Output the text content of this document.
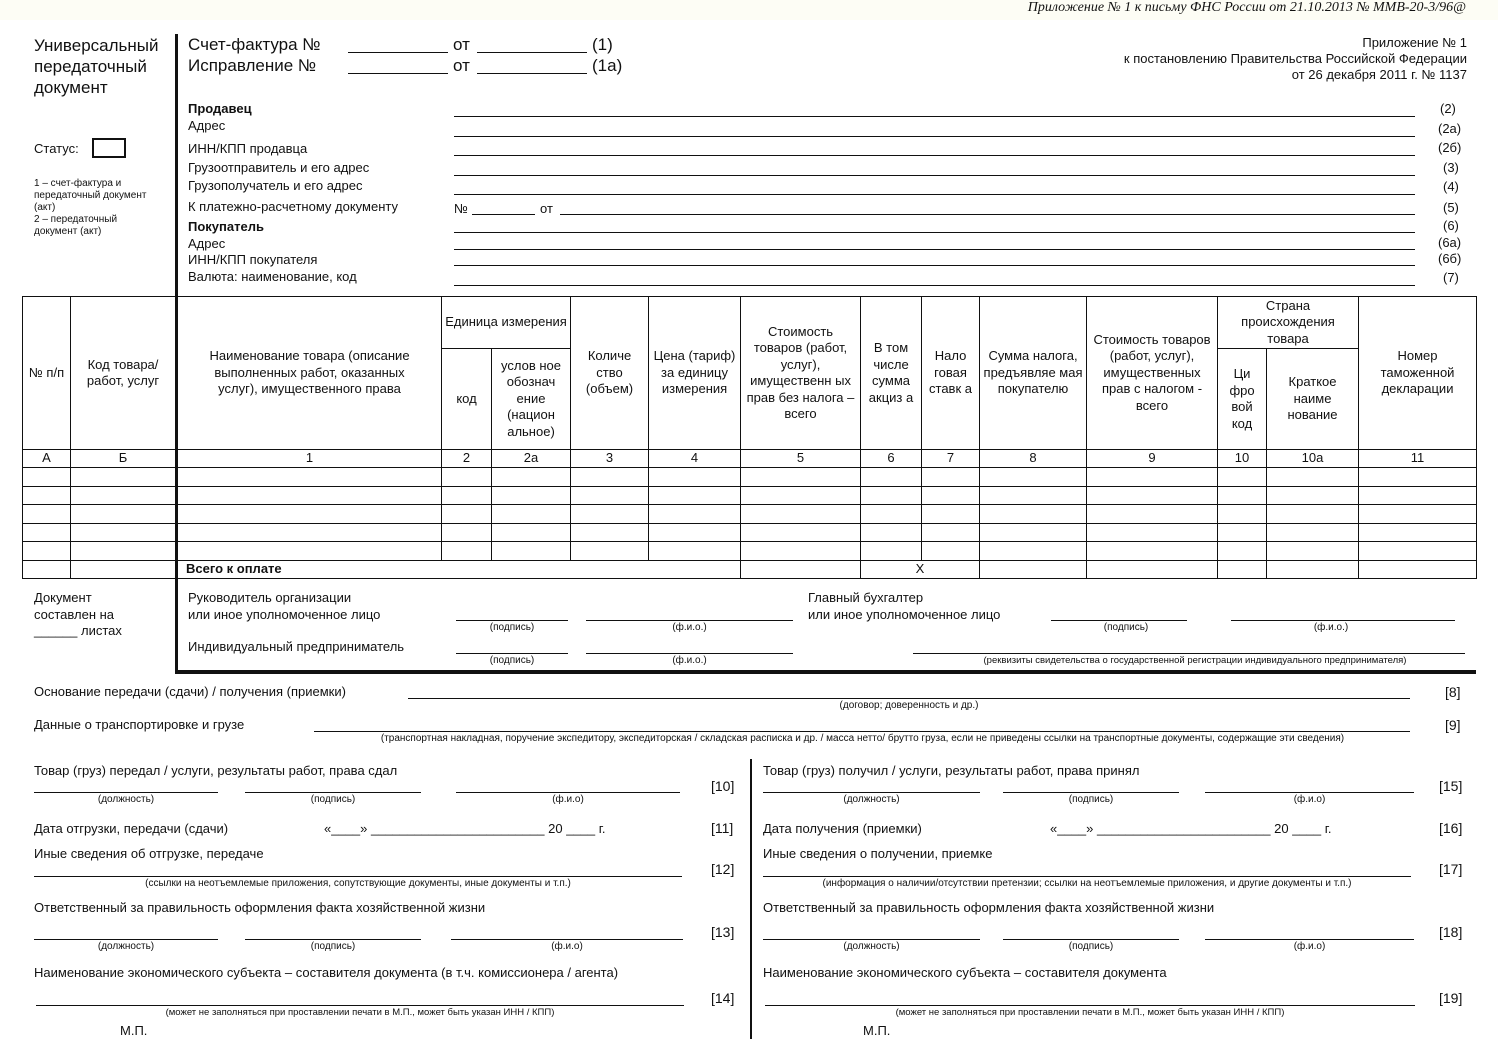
Приложение № 1 к письму ФНС России от 21.10.2013 № ММВ-20-3/96@
Универсальный
передаточный
документ
Статус:
1 – счет-фактура и
передаточный документ
(акт)
2 – передаточный
документ (акт)
Счет-фактура №
Исправление №
от
от
(1)
(1а)
Приложение № 1
к постановлению Правительства Российской Федерации
от 26 декабря 2011 г. № 1137
Продавец	(2)
Адрес	(2а)
ИНН/КПП продавца	(2б)
Грузоотправитель и его адрес	(3)
Грузополучатель и его адрес	(4)
К платежно-расчетному документу	№	от	(5)
Покупатель	(6)
Адрес	(6а)
ИНН/КПП покупателя	(6б)
Валюта: наименование, код	(7)
№ п/п	Код товара/ работ, услуг	Наименование товара (описание выполненных работ, оказанных услуг), имущественного права	Единица измерения		Количе ство (объем)	Цена (тариф) за единицу измерения	Стоимость товаров (работ, услуг), имущественн ых прав без налога – всего	В том числе сумма акциз а	Нало говая ставк а	Сумма налога, предъявляе мая покупателю	Стоимость товаров (работ, услуг), имущественных прав с налогом - всего	Страна происхождения товара		Номер таможенной декларации
			код	услов ное обознач ение (национ альное)								Ци фро вой код	Краткое наиме нование	
А	Б	1	2	2а	3	4	5	6	7	8	9	10	10а	11

		Всего к оплате						Х						
Документ
составлен на
______ листах
Руководитель организации
или иное уполномоченное лицо
(подпись)	(ф.и.о.)
Главный бухгалтер
или иное уполномоченное лицо
(подпись)	(ф.и.о.)
Индивидуальный предприниматель
(подпись)	(ф.и.о.)	(реквизиты свидетельства о государственной регистрации индивидуального предпринимателя)
Основание передачи (сдачи) / получения (приемки)
(договор; доверенность и др.)
[8]
Данные о транспортировке и грузе
(транспортная накладная, поручение экспедитору, экспедиторская / складская расписка и др. / масса нетто/ брутто груза, если не приведены ссылки на транспортные документы, содержащие эти сведения)
[9]
Товар (груз) передал / услуги, результаты работ, права сдал
(должность)	(подпись)	(ф.и.о)
[10]
Дата отгрузки, передачи (сдачи)	«____» ________________________ 20 ____ г.	[11]
Иные сведения об отгрузке, передаче
(ссылки на неотъемлемые приложения, сопутствующие документы, иные документы и т.п.)
[12]
Ответственный за правильность оформления факта хозяйственной жизни
(должность)	(подпись)	(ф.и.о)
[13]
Наименование экономического субъекта – составителя документа (в т.ч. комиссионера / агента)
(может не заполняться при проставлении печати в М.П., может быть указан ИНН / КПП)
[14]
М.П.
Товар (груз) получил / услуги, результаты работ, права принял
(должность)	(подпись)	(ф.и.о)
[15]
Дата получения (приемки)	«____» ________________________ 20 ____ г.	[16]
Иные сведения о получении, приемке
(информация о наличии/отсутствии претензии; ссылки на неотъемлемые приложения, и другие документы и т.п.)
[17]
Ответственный за правильность оформления факта хозяйственной жизни
(должность)	(подпись)	(ф.и.о)
[18]
Наименование экономического субъекта – составителя документа
(может не заполняться при проставлении печати в М.П., может быть указан ИНН / КПП)
[19]
М.П.
